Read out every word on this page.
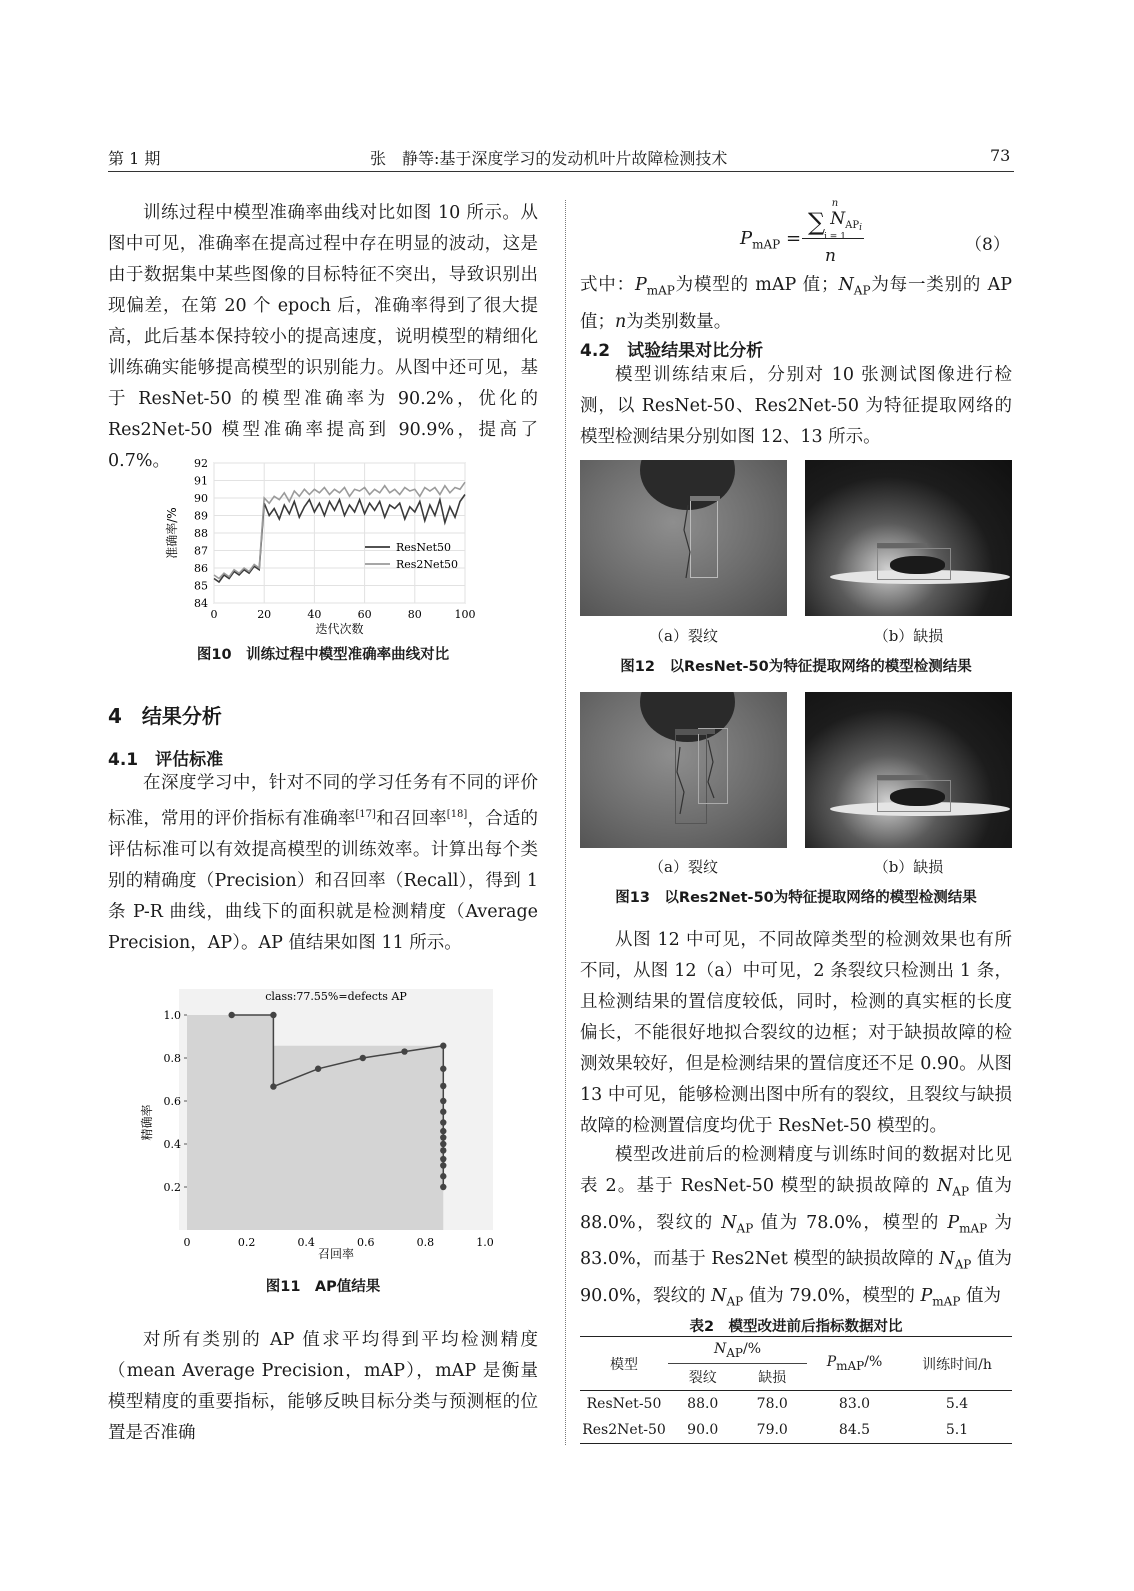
第 1 期	张　静等:基于深度学习的发动机叶片故障检测技术	73

训练过程中模型准确率曲线对比如图 10 所示。从图中可见，准确率在提高过程中存在明显的波动，这是由于数据集中某些图像的目标特征不突出，导致识别出现偏差，在第 20 个 epoch 后，准确率得到了很大提高，此后基本保持较小的提高速度，说明模型的精细化训练确实能够提高模型的识别能力。从图中还可见，基于 ResNet-50 的模型准确率为 90.2%，优化的 Res2Net-50 模型准确率提高到 90.9%，提高了 0.7%。

84
85
86
87
88
89
90
91
92
0	20	40	60	80	100
迭代次数
准确率/%	ResNet50
Res2Net50
图10　训练过程中模型准确率曲线对比
4　结果分析
4.1　评估标准

在深度学习中，针对不同的学习任务有不同的评价标准，常用的评价指标有准确率[17]和召回率[18]，合适的评估标准可以有效提高模型的训练效率。计算出每个类别的精确度（Precision）和召回率（Recall），得到 1 条 P-R 曲线，曲线下的面积就是检测精度（Average Precision，AP）。AP 值结果如图 11 所示。

class:77.55%=defects AP
0.2
0.4
0.6
0.8
1.0
0	0.2	0.4	0.6	0.8	1.0
召回率
精确率
图11　AP值结果

对所有类别的 AP 值求平均得到平均检测精度（mean Average Precision，mAP），mAP 是衡量模型精度的重要指标，能够反映目标分类与预测框的位置是否准确

$P_{mAP}$ =
n
∑ NAPi
i = 1
n
（8）

式中：$P_{mAP}$为模型的 mAP 值；$N_{AP}$为每一类别的 AP 值；n为类别数量。

4.2　试验结果对比分析

模型训练结束后，分别对 10 张测试图像进行检测，以 ResNet-50、Res2Net-50 为特征提取网络的模型检测结果分别如图 12、13 所示。

（a）裂纹	（b）缺损
图12　以ResNet-50为特征提取网络的模型检测结果
（a）裂纹	（b）缺损
图13　以Res2Net-50为特征提取网络的模型检测结果

从图 12 中可见，不同故障类型的检测效果也有所不同，从图 12（a）中可见，2 条裂纹只检测出 1 条，且检测结果的置信度较低，同时，检测的真实框的长度偏长，不能很好地拟合裂纹的边框；对于缺损故障的检测效果较好，但是检测结果的置信度还不足 0.90。从图 13 中可见，能够检测出图中所有的裂纹，且裂纹与缺损故障的检测置信度均优于 ResNet-50 模型的。

模型改进前后的检测精度与训练时间的数据对比见表 2。基于 ResNet-50 模型的缺损故障的 $N_{AP}$ 值为 88.0%，裂纹的 $N_{AP}$ 值为 78.0%，模型的 $P_{mAP}$ 为 83.0%，而基于 Res2Net 模型的缺损故障的 $N_{AP}$ 值为 90.0%，裂纹的 $N_{AP}$ 值为 79.0%，模型的 $P_{mAP}$ 值为

表2　模型改进前后指标数据对比
模型	$N_{AP}/\%$		$P_{mAP}/\%$	训练时间/h
	裂纹	缺损		
ResNet-50	88.0	78.0	83.0	5.4
Res2Net-50	90.0	79.0	84.5	5.1
